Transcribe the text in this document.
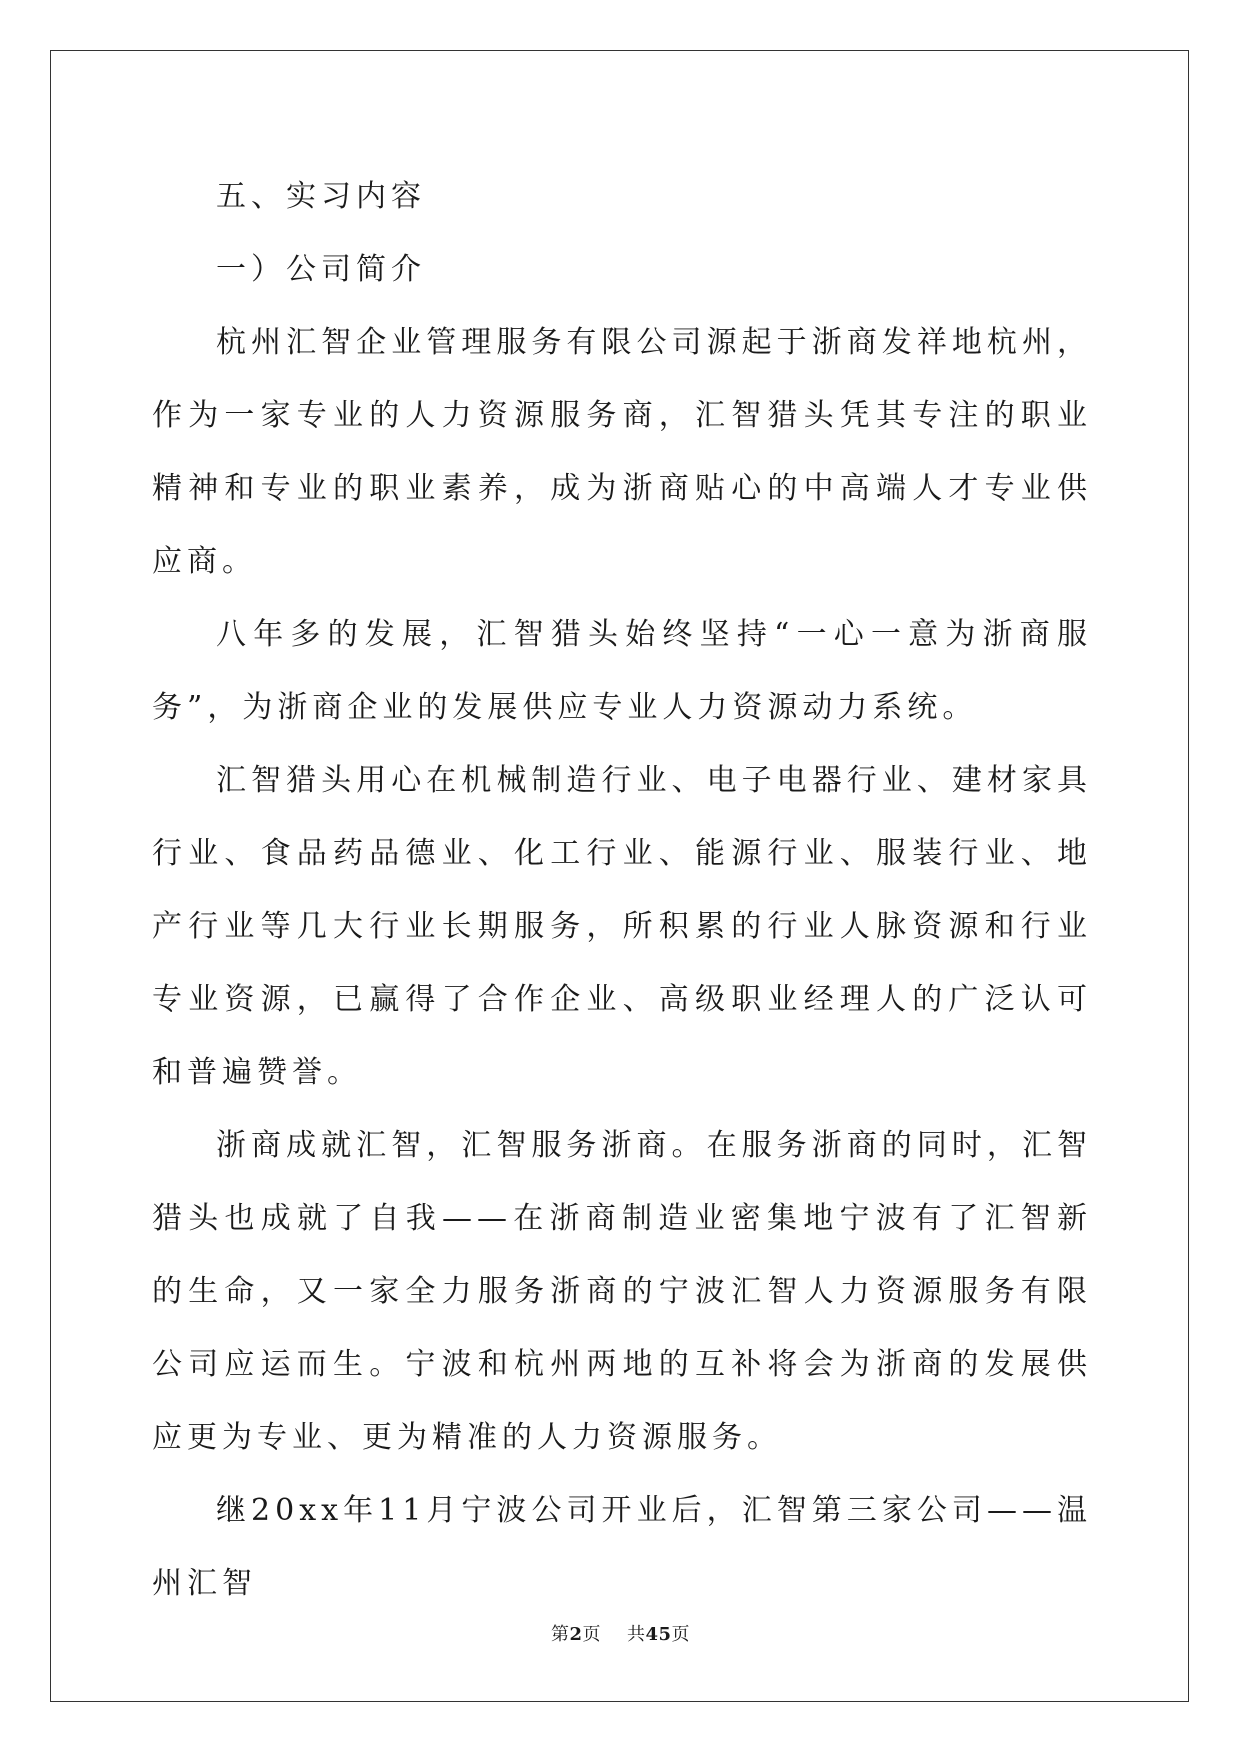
五、实习内容

一）公司简介

杭州汇智企业管理服务有限公司源起于浙商发祥地杭州，作为一家专业的人力资源服务商，汇智猎头凭其专注的职业精神和专业的职业素养，成为浙商贴心的中高端人才专业供应商。

八年多的发展，汇智猎头始终坚持“一心一意为浙商服务”，为浙商企业的发展供应专业人力资源动力系统。

汇智猎头用心在机械制造行业、电子电器行业、建材家具行业、食品药品德业、化工行业、能源行业、服装行业、地产行业等几大行业长期服务，所积累的行业人脉资源和行业专业资源，已赢得了合作企业、高级职业经理人的广泛认可和普遍赞誉。

浙商成就汇智，汇智服务浙商。在服务浙商的同时，汇智猎头也成就了自我——在浙商制造业密集地宁波有了汇智新的生命，又一家全力服务浙商的宁波汇智人力资源服务有限公司应运而生。宁波和杭州两地的互补将会为浙商的发展供应更为专业、更为精准的人力资源服务。

继20xx年11月宁波公司开业后，汇智第三家公司——温州汇智

第2页 共45页
